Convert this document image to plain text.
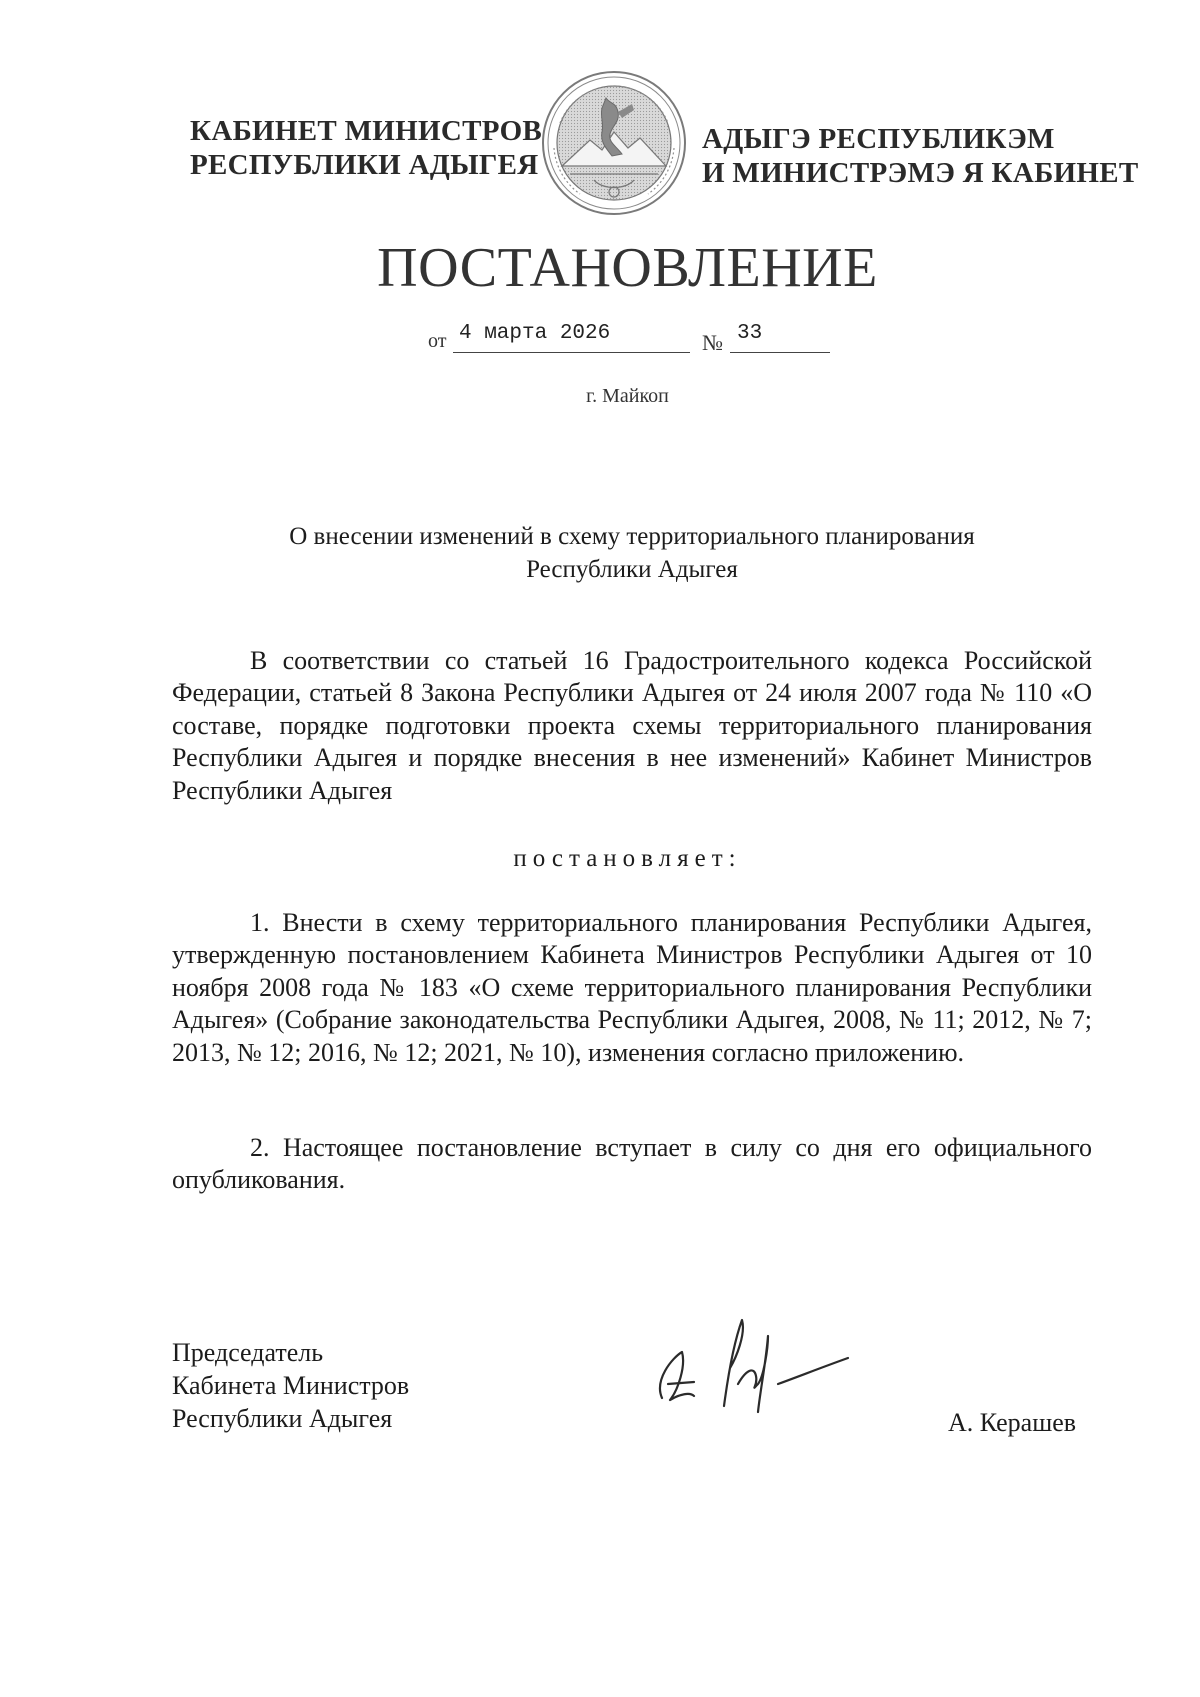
КАБИНЕТ МИНИСТРОВ
РЕСПУБЛИКИ АДЫГЕЯ
АДЫГЭ РЕСПУБЛИКЭМ
И МИНИСТРЭМЭ Я КАБИНЕТ
ПОСТАНОВЛЕНИЕ
от 4 марта 2026	№ 33
г. Майкоп
О внесении изменений в схему территориального планирования
Республики Адыгея
В соответствии со статьей 16 Градостроительного кодекса Российской Федерации, статьей 8 Закона Республики Адыгея от 24 июля 2007 года № 110 «О составе, порядке подготовки проекта схемы территориального планирования Республики Адыгея и порядке внесения в нее изменений» Кабинет Министров Республики Адыгея
постановляет:
1. Внести в схему территориального планирования Республики Адыгея, утвержденную постановлением Кабинета Министров Республики Адыгея от 10 ноября 2008 года № 183 «О схеме территориального планирования Республики Адыгея» (Собрание законодательства Республики Адыгея, 2008, № 11; 2012, № 7; 2013, № 12; 2016, № 12; 2021, № 10), изменения согласно приложению.
2. Настоящее постановление вступает в силу со дня его официального опубликования.
Председатель
Кабинета Министров
Республики Адыгея	А. Керашев
